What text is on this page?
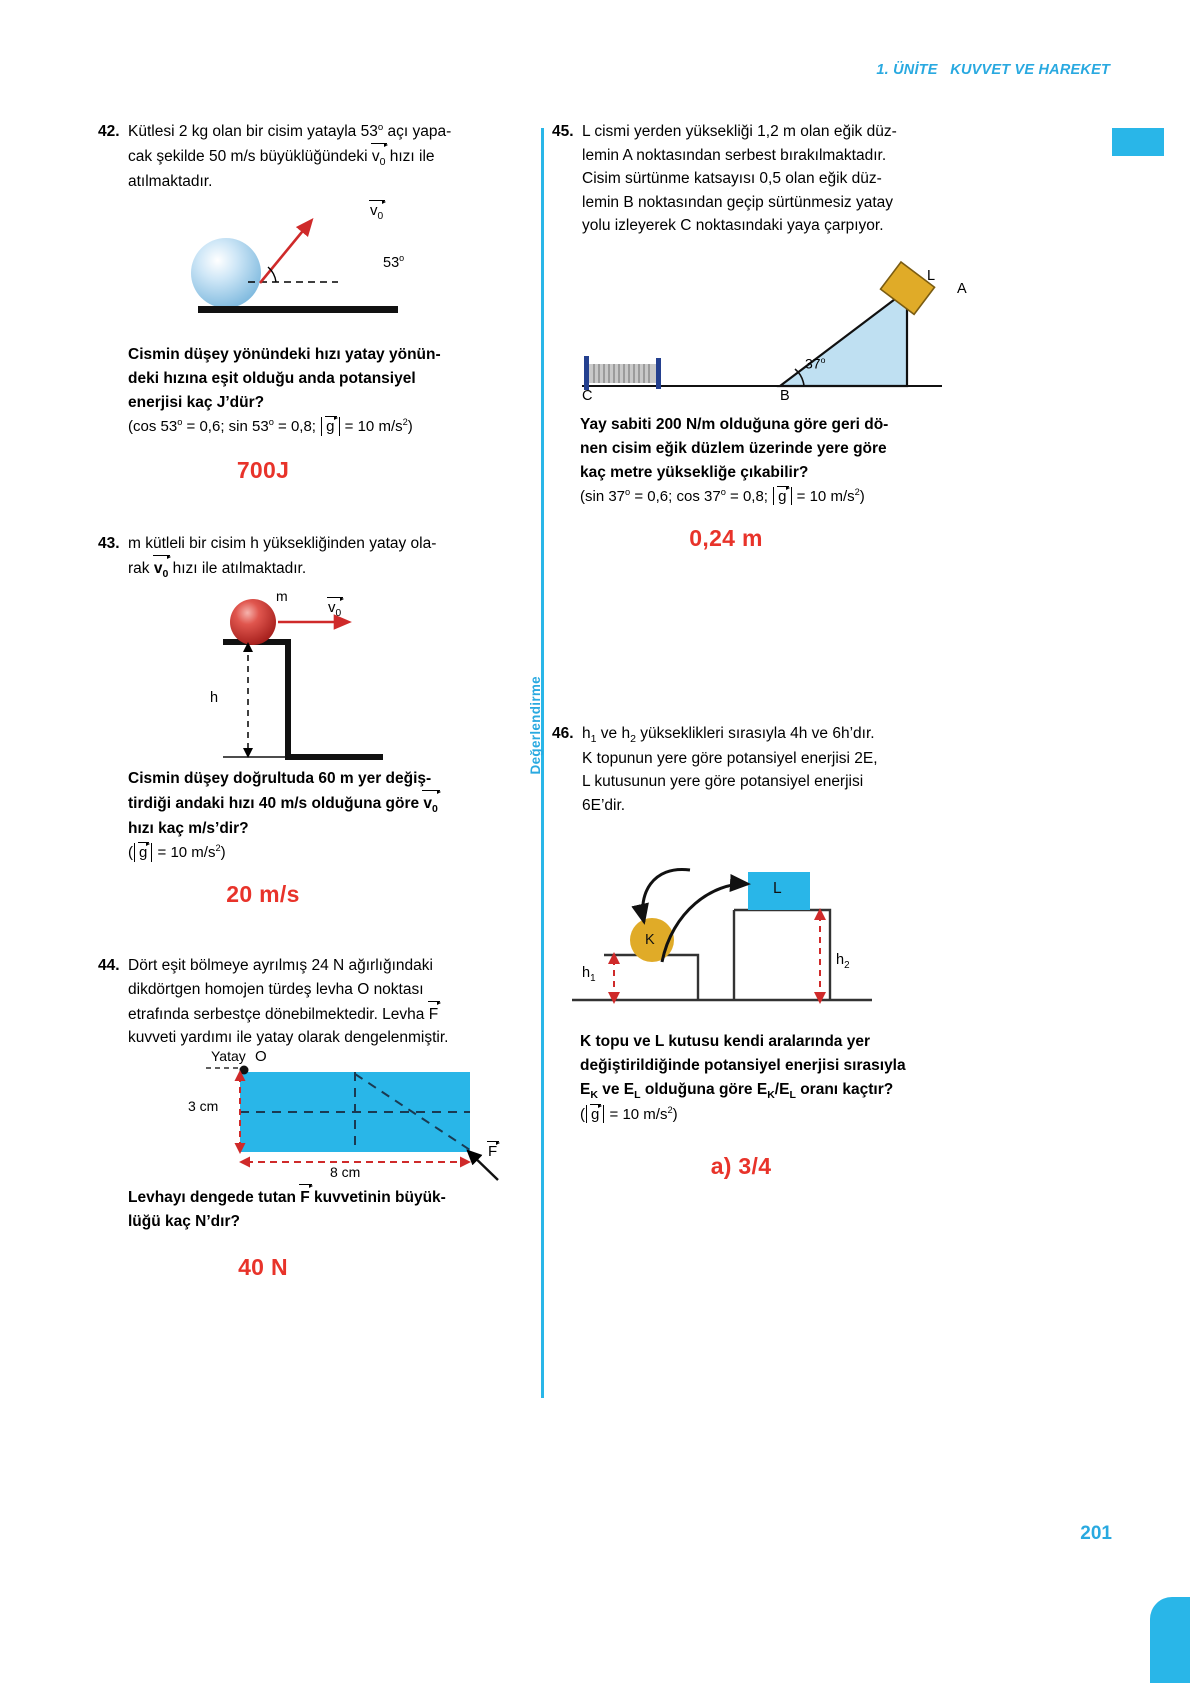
1. ÜNİTE   KUVVET VE HAREKET
Değerlendirme
42. Kütlesi 2 kg olan bir cisim yatayla 53$^o$ açı yapa-
cak şekilde 50 m/s büyüklüğündeki $v_0$ hızı ile
atılmaktadır.
$v_0$
53$^o$
Cismin düşey yönündeki hızı yatay yönün-
deki hızına eşit olduğu anda potansiyel
enerjisi kaç J’dür?
(cos $53^o = 0,6$; $\sin 53^o = 0,8$; g = 10 $m/s^2$)
700J
43. m kütleli bir cisim h yüksekliğinden yatay ola-
rak $v_0$ hızı ile atılmaktadır.
m
$v_0$
h
Cismin düşey doğrultuda 60 m yer değiş-
tirdiği andaki hızı 40 m/s olduğuna göre $v_0$
hızı kaç m/s’dir?
( g = 10 $m/s^2$)
20 m/s
44. Dört eşit bölmeye ayrılmış 24 N ağırlığındaki
dikdörtgen homojen türdeş levha O noktası
etrafında serbestçe dönebilmektedir. Levha F
kuvveti yardımı ile yatay olarak dengelenmiştir.
Yatay O
3 cm
8 cm
F
Levhayı dengede tutan F kuvvetinin büyük-
lüğü kaç N’dır?
40 N
45. L cismi yerden yüksekliği 1,2 m olan eğik düz-
lemin A noktasından serbest bırakılmaktadır.
Cisim sürtünme katsayısı 0,5 olan eğik düz-
lemin B noktasından geçip sürtünmesiz yatay
yolu izleyerek C noktasındaki yaya çarpıyor.
L
A
B
C
37$^o$
Yay sabiti 200 N/m olduğuna göre geri dö-
nen cisim eğik düzlem üzerinde yere göre
kaç metre yüksekliğe çıkabilir?
(sin $37^o = 0,6$; $\cos 37^o = 0,8$; g = 10 $m/s^2$)
0,24 m
46. $h_1$ ve $h_2$ yükseklikleri sırasıyla 4h ve 6h’dır.
K topunun yere göre potansiyel enerjisi 2E,
L kutusunun yere göre potansiyel enerjisi
6E’dir.
K
L
$h_1$
$h_2$
K topu ve L kutusu kendi aralarında yer
değiştirildiğinde potansiyel enerjisi sırasıyla
$E_K$ ve $E_L$ olduğuna göre $E_K/E_L$ oranı kaçtır?
( g = 10 $m/s^2$)
a) 3/4
201
